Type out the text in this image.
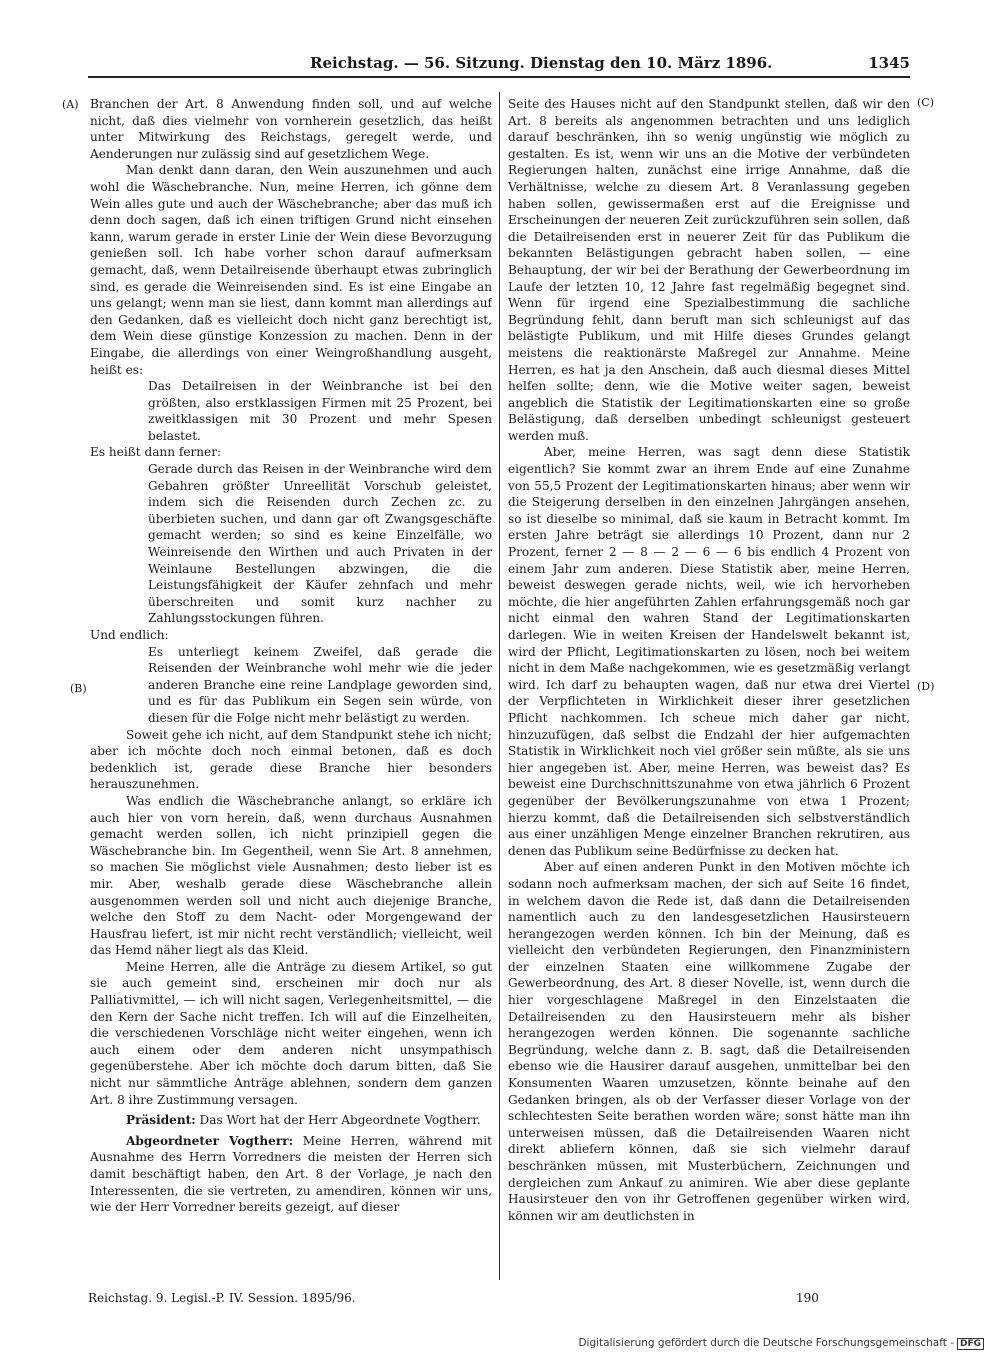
Reichstag. — 56. Sitzung. Dienstag den 10. März 1896.	1345
(A)
(B)
(C)
(D)

Branchen der Art. 8 Anwendung finden soll, und auf welche nicht, daß dies vielmehr von vornherein gesetzlich, das heißt unter Mitwirkung des Reichstags, geregelt werde, und Aenderungen nur zulässig sind auf gesetzlichem Wege.

Man denkt dann daran, den Wein auszunehmen und auch wohl die Wäschebranche. Nun, meine Herren, ich gönne dem Wein alles gute und auch der Wäschebranche; aber das muß ich denn doch sagen, daß ich einen triftigen Grund nicht einsehen kann, warum gerade in erster Linie der Wein diese Bevorzugung genießen soll. Ich habe vorher schon darauf aufmerksam gemacht, daß, wenn Detailreisende überhaupt etwas zubringlich sind, es gerade die Weinreisenden sind. Es ist eine Eingabe an uns gelangt; wenn man sie liest, dann kommt man allerdings auf den Gedanken, daß es vielleicht doch nicht ganz berechtigt ist, dem Wein diese günstige Konzession zu machen. Denn in der Eingabe, die allerdings von einer Weingroßhandlung ausgeht, heißt es:

Das Detailreisen in der Weinbranche ist bei den größten, also erstklassigen Firmen mit 25 Prozent, bei zweitklassigen mit 30 Prozent und mehr Spesen belastet.

Es heißt dann ferner:

Gerade durch das Reisen in der Weinbranche wird dem Gebahren größter Unreellität Vorschub geleistet, indem sich die Reisenden durch Zechen zc. zu überbieten suchen, und dann gar oft Zwangsgeschäfte gemacht werden; so sind es keine Einzelfälle, wo Weinreisende den Wirthen und auch Privaten in der Weinlaune Bestellungen abzwingen, die die Leistungsfähigkeit der Käufer zehnfach und mehr überschreiten und somit kurz nachher zu Zahlungsstockungen führen.

Und endlich:

Es unterliegt keinem Zweifel, daß gerade die Reisenden der Weinbranche wohl mehr wie die jeder anderen Branche eine reine Landplage geworden sind, und es für das Publikum ein Segen sein würde, von diesen für die Folge nicht mehr belästigt zu werden.

Soweit gehe ich nicht, auf dem Standpunkt stehe ich nicht; aber ich möchte doch noch einmal betonen, daß es doch bedenklich ist, gerade diese Branche hier besonders herauszunehmen.

Was endlich die Wäschebranche anlangt, so erkläre ich auch hier von vorn herein, daß, wenn durchaus Ausnahmen gemacht werden sollen, ich nicht prinzipiell gegen die Wäschebranche bin. Im Gegentheil, wenn Sie Art. 8 annehmen, so machen Sie möglichst viele Ausnahmen; desto lieber ist es mir. Aber, weshalb gerade diese Wäschebranche allein ausgenommen werden soll und nicht auch diejenige Branche, welche den Stoff zu dem Nacht- oder Morgengewand der Hausfrau liefert, ist mir nicht recht verständlich; vielleicht, weil das Hemd näher liegt als das Kleid.

Meine Herren, alle die Anträge zu diesem Artikel, so gut sie auch gemeint sind, erscheinen mir doch nur als Palliativmittel, — ich will nicht sagen, Verlegenheitsmittel, — die den Kern der Sache nicht treffen. Ich will auf die Einzelheiten, die verschiedenen Vorschläge nicht weiter eingehen, wenn ich auch einem oder dem anderen nicht unsympathisch gegenüberstehe. Aber ich möchte doch darum bitten, daß Sie nicht nur sämmtliche Anträge ablehnen, sondern dem ganzen Art. 8 ihre Zustimmung versagen.

Präsident: Das Wort hat der Herr Abgeordnete Vogtherr.

Abgeordneter Vogtherr: Meine Herren, während mit Ausnahme des Herrn Vorredners die meisten der Herren sich damit beschäftigt haben, den Art. 8 der Vorlage, je nach den Interessenten, die sie vertreten, zu amendiren, können wir uns, wie der Herr Vorredner bereits gezeigt, auf dieser

Seite des Hauses nicht auf den Standpunkt stellen, daß wir den Art. 8 bereits als angenommen betrachten und uns lediglich darauf beschränken, ihn so wenig ungünstig wie möglich zu gestalten. Es ist, wenn wir uns an die Motive der verbündeten Regierungen halten, zunächst eine irrige Annahme, daß die Verhältnisse, welche zu diesem Art. 8 Veranlassung gegeben haben sollen, gewissermaßen erst auf die Ereignisse und Erscheinungen der neueren Zeit zurückzuführen sein sollen, daß die Detailreisenden erst in neuerer Zeit für das Publikum die bekannten Belästigungen gebracht haben sollen, — eine Behauptung, der wir bei der Berathung der Gewerbeordnung im Laufe der letzten 10, 12 Jahre fast regelmäßig begegnet sind. Wenn für irgend eine Spezialbestimmung die sachliche Begründung fehlt, dann beruft man sich schleunigst auf das belästigte Publikum, und mit Hilfe dieses Grundes gelangt meistens die reaktionärste Maßregel zur Annahme. Meine Herren, es hat ja den Anschein, daß auch diesmal dieses Mittel helfen sollte; denn, wie die Motive weiter sagen, beweist angeblich die Statistik der Legitimationskarten eine so große Belästigung, daß derselben unbedingt schleunigst gesteuert werden muß.

Aber, meine Herren, was sagt denn diese Statistik eigentlich? Sie kommt zwar an ihrem Ende auf eine Zunahme von 55,5 Prozent der Legitimationskarten hinaus; aber wenn wir die Steigerung derselben in den einzelnen Jahrgängen ansehen, so ist dieselbe so minimal, daß sie kaum in Betracht kommt. Im ersten Jahre beträgt sie allerdings 10 Prozent, dann nur 2 Prozent, ferner 2 — 8 — 2 — 6 — 6 bis endlich 4 Prozent von einem Jahr zum anderen. Diese Statistik aber, meine Herren, beweist deswegen gerade nichts, weil, wie ich hervorheben möchte, die hier angeführten Zahlen erfahrungsgemäß noch gar nicht einmal den wahren Stand der Legitimationskarten darlegen. Wie in weiten Kreisen der Handelswelt bekannt ist, wird der Pflicht, Legitimationskarten zu lösen, noch bei weitem nicht in dem Maße nachgekommen, wie es gesetzmäßig verlangt wird. Ich darf zu behaupten wagen, daß nur etwa drei Viertel der Verpflichteten in Wirklichkeit dieser ihrer gesetzlichen Pflicht nachkommen. Ich scheue mich daher gar nicht, hinzuzufügen, daß selbst die Endzahl der hier aufgemachten Statistik in Wirklichkeit noch viel größer sein müßte, als sie uns hier angegeben ist. Aber, meine Herren, was beweist das? Es beweist eine Durchschnittszunahme von etwa jährlich 6 Prozent gegenüber der Bevölkerungszunahme von etwa 1 Prozent; hierzu kommt, daß die Detailreisenden sich selbstverständlich aus einer unzähligen Menge einzelner Branchen rekrutiren, aus denen das Publikum seine Bedürfnisse zu decken hat.

Aber auf einen anderen Punkt in den Motiven möchte ich sodann noch aufmerksam machen, der sich auf Seite 16 findet, in welchem davon die Rede ist, daß dann die Detailreisenden namentlich auch zu den landesgesetzlichen Hausirsteuern herangezogen werden können. Ich bin der Meinung, daß es vielleicht den verbündeten Regierungen, den Finanzministern der einzelnen Staaten eine willkommene Zugabe der Gewerbeordnung, des Art. 8 dieser Novelle, ist, wenn durch die hier vorgeschlagene Maßregel in den Einzelstaaten die Detailreisenden zu den Hausirsteuern mehr als bisher herangezogen werden können. Die sogenannte sachliche Begründung, welche dann z. B. sagt, daß die Detailreisenden ebenso wie die Hausirer darauf ausgehen, unmittelbar bei den Konsumenten Waaren umzusetzen, könnte beinahe auf den Gedanken bringen, als ob der Verfasser dieser Vorlage von der schlechtesten Seite berathen worden wäre; sonst hätte man ihn unterweisen müssen, daß die Detailreisenden Waaren nicht direkt abliefern können, daß sie sich vielmehr darauf beschränken müssen, mit Musterbüchern, Zeichnungen und dergleichen zum Ankauf zu animiren. Wie aber diese geplante Hausirsteuer den von ihr Getroffenen gegenüber wirken wird, können wir am deutlichsten in

Reichstag. 9. Legisl.-P. IV. Session. 1895/96.	190
Digitalisierung gefördert durch die Deutsche Forschungsgemeinschaft - DFG
